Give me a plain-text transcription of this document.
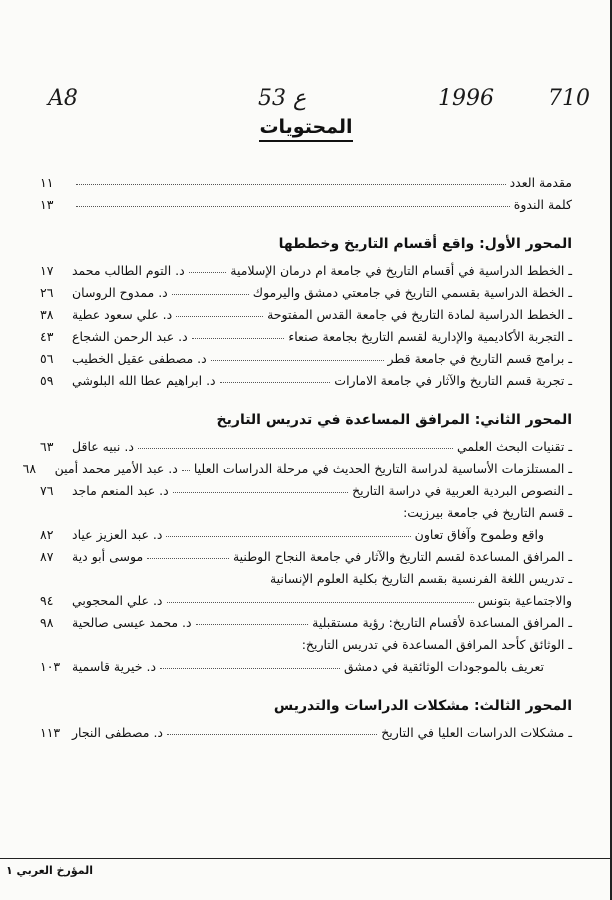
A8	53 ع	1996 710
المحتويات
مقدمة العدد
١١
كلمة الندوة
١٣
المحور الأول: واقع أقسام التاريخ وخططها
ـ الخطط الدراسية في أقسام التاريخ في جامعة ام درمان الإسلامية
د. التوم الطالب محمد
١٧
ـ الخطة الدراسية بقسمي التاريخ في جامعتي دمشق واليرموك
د. ممدوح الروسان
٢٦
ـ الخطط الدراسية لمادة التاريخ في جامعة القدس المفتوحة
د. علي سعود عطية
٣٨
ـ التجربة الأكاديمية والإدارية لقسم التاريخ بجامعة صنعاء
د. عبد الرحمن الشجاع
٤٣
ـ برامج قسم التاريخ في جامعة قطر
د. مصطفى عقيل الخطيب
٥٦
ـ تجربة قسم التاريخ والآثار في جامعة الامارات
د. ابراهيم عطا الله البلوشي
٥٩
المحور الثاني: المرافق المساعدة في تدريس التاريخ
ـ تقنيات البحث العلمي
د. نبيه عاقل
٦٣
ـ المستلزمات الأساسية لدراسة التاريخ الحديث في مرحلة الدراسات العليا
د. عبد الأمير محمد أمين
٦٨
ـ النصوص البردية العربية في دراسة التاريخ
د. عبد المنعم ماجد
٧٦
ـ قسم التاريخ في جامعة بيرزيت:
واقع وطموح وآفاق تعاون
د. عبد العزيز عياد
٨٢
ـ المرافق المساعدة لقسم التاريخ والآثار في جامعة النجاح الوطنية
موسى أبو دية
٨٧
ـ تدريس اللغة الفرنسية بقسم التاريخ بكلية العلوم الإنسانية
والاجتماعية بتونس
د. علي المحجوبي
٩٤
ـ المرافق المساعدة لأقسام التاريخ: رؤية مستقبلية
د. محمد عيسى صالحية
٩٨
ـ الوثائق كأحد المرافق المساعدة في تدريس التاريخ:
تعريف بالموجودات الوثائقية في دمشق
د. خيرية قاسمية
١٠٣
المحور الثالث: مشكلات الدراسات والتدريس
ـ مشكلات الدراسات العليا في التاريخ
د. مصطفى النجار
١١٣
المؤرخ العربي ١
